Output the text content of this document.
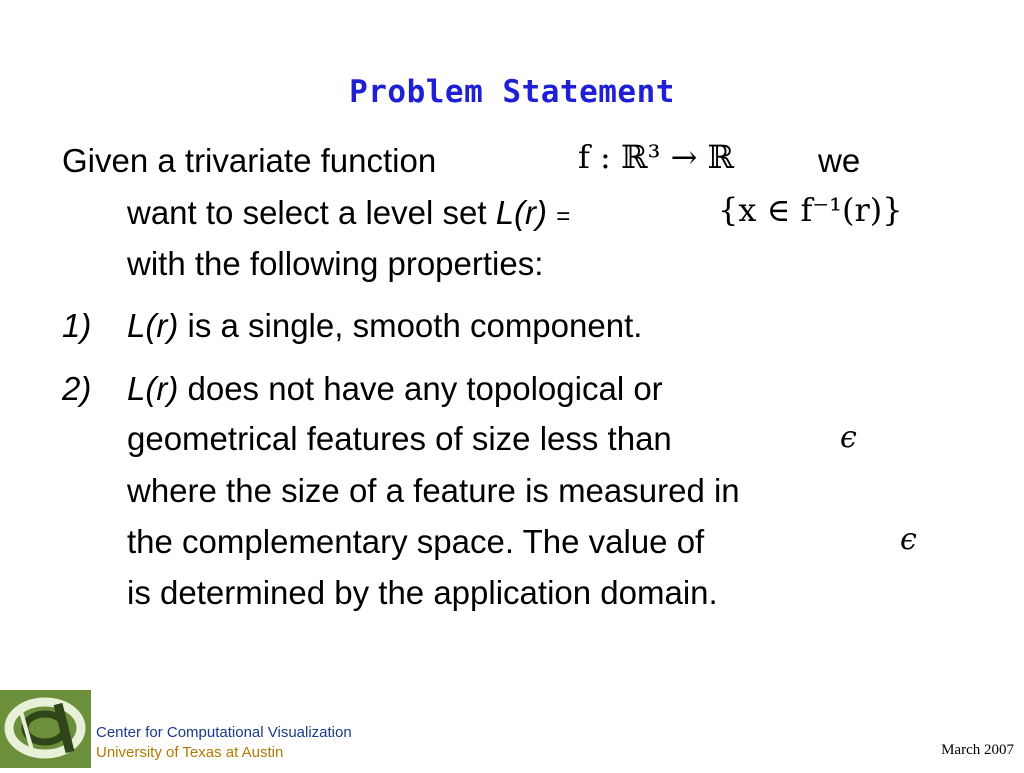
Problem Statement
Given a trivariate function	f : ℝ³ → ℝ	we
want to select a level set L(r) =	{x ∈ f⁻¹(r)}
with the following properties:
1) L(r) is a single, smooth component.
2) L(r) does not have any topological or
geometrical features of size less than	ϵ
where the size of a feature is measured in
the complementary space. The value of	ϵ
is determined by the application domain.
Center for Computational Visualization
University of Texas at Austin	March 2007
